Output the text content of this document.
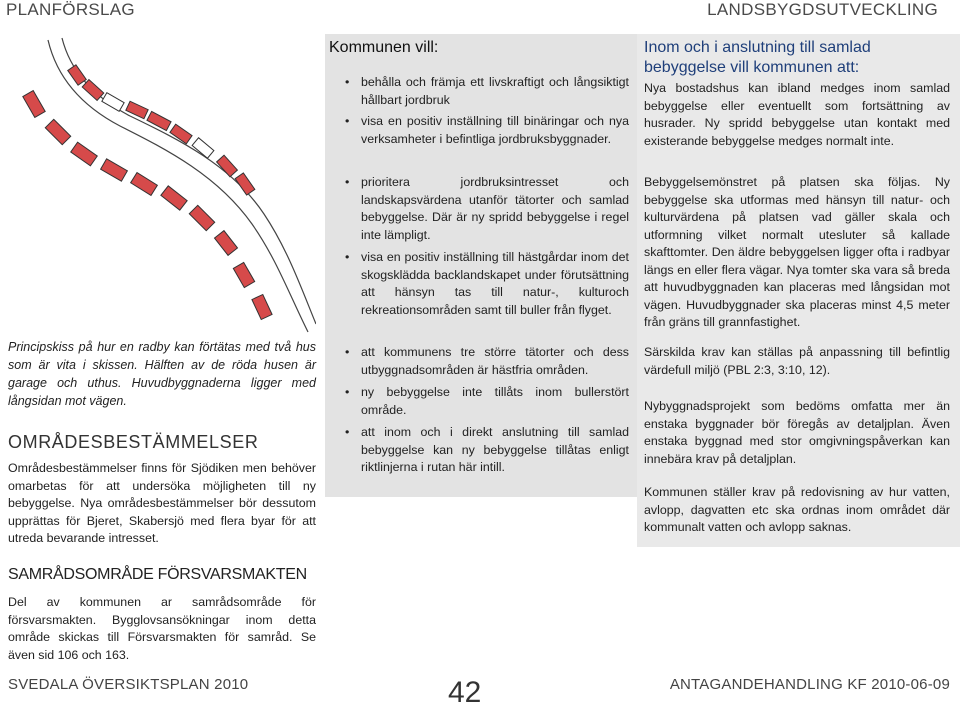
PLANFÖRSLAG	LANDSBYGDSUTVECKLING
Principskiss på hur en radby kan förtätas med två hus som är vita i skissen. Hälften av de röda husen är garage och uthus. Huvudbyggnaderna ligger med långsidan mot vägen.
OMRÅDESBESTÄMMELSER
Områdesbestämmelser finns för Sjödiken men behöver omarbetas för att undersöka möjligheten till ny bebyggelse. Nya områdesbestämmelser bör dessutom upprättas för Bjeret, Skabersjö med flera byar för att utreda bevarande intresset.
SAMRÅDSOMRÅDE FÖRSVARSMAKTEN
Del av kommunen ar samrådsområde för försvarsmakten. Bygglovsansökningar inom detta område skickas till Försvarsmakten för samråd. Se även sid 106 och 163.
Kommunen vill:
• behålla och främja ett livskraftigt och långsiktigt hållbart jordbruk
• visa en positiv inställning till binäringar och nya verksamheter i befintliga jordbruksbyggnader.
• prioritera jordbruksintresset och landskapsvärdena utanför tätorter och samlad bebyggelse. Där är ny spridd bebyggelse i regel inte lämpligt.
• visa en positiv inställning till hästgårdar inom det skogsklädda backlandskapet under förutsättning att hänsyn tas till natur-, kulturoch rekreationsområden samt till buller från flyget.
• att kommunens tre större tätorter och dess utbyggnadsområden är hästfria områden.
• ny bebyggelse inte tillåts inom bullerstört område.
• att inom och i direkt anslutning till samlad bebyggelse kan ny bebyggelse tillåtas enligt riktlinjerna i rutan här intill.
Inom och i anslutning till samlad bebyggelse vill kommunen att:
Nya bostadshus kan ibland medges inom samlad bebyggelse eller eventuellt som fortsättning av husrader. Ny spridd bebyggelse utan kontakt med existerande bebyggelse medges normalt inte.
Bebyggelsemönstret på platsen ska följas. Ny bebyggelse ska utformas med hänsyn till natur- och kulturvärdena på platsen vad gäller skala och utformning vilket normalt utesluter så kallade skafttomter. Den äldre bebyggelsen ligger ofta i radbyar längs en eller flera vägar. Nya tomter ska vara så breda att huvudbyggnaden kan placeras med långsidan mot vägen. Huvudbyggnader ska placeras minst 4,5 meter från gräns till grannfastighet.
Särskilda krav kan ställas på anpassning till befintlig värdefull miljö (PBL 2:3, 3:10, 12).
Nybyggnadsprojekt som bedöms omfatta mer än enstaka byggnader bör föregås av detaljplan. Även enstaka byggnad med stor omgivningspåverkan kan innebära krav på detaljplan.
Kommunen ställer krav på redovisning av hur vatten, avlopp, dagvatten etc ska ordnas inom området där kommunalt vatten och avlopp saknas.
SVEDALA ÖVERSIKTSPLAN 2010	42	ANTAGANDEHANDLING KF 2010-06-09
